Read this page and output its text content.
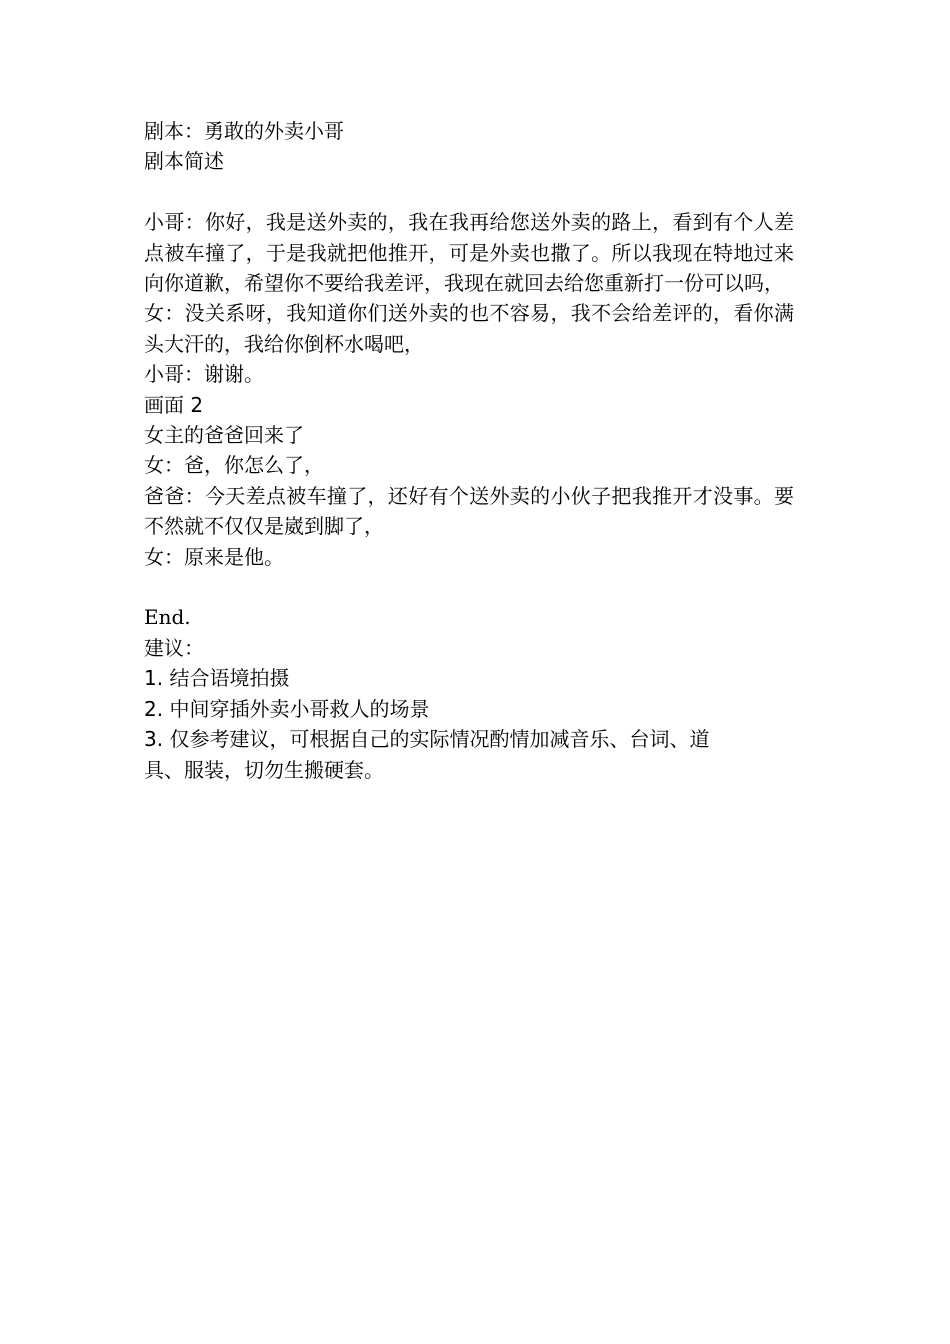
剧本：勇敢的外卖小哥

剧本简述

小哥：你好，我是送外卖的，我在我再给您送外卖的路上，看到有个人差点被车撞了，于是我就把他推开，可是外卖也撒了。所以我现在特地过来向你道歉，希望你不要给我差评，我现在就回去给您重新打一份可以吗，

女：没关系呀，我知道你们送外卖的也不容易，我不会给差评的，看你满头大汗的，我给你倒杯水喝吧，

小哥：谢谢。

画面 2

女主的爸爸回来了

女：爸，你怎么了，

爸爸：今天差点被车撞了，还好有个送外卖的小伙子把我推开才没事。要不然就不仅仅是崴到脚了，

女：原来是他。

End.

建议：

1. 结合语境拍摄

2. 中间穿插外卖小哥救人的场景

3. 仅参考建议，可根据自己的实际情况酌情加减音乐、台词、道具、服装，切勿生搬硬套。
